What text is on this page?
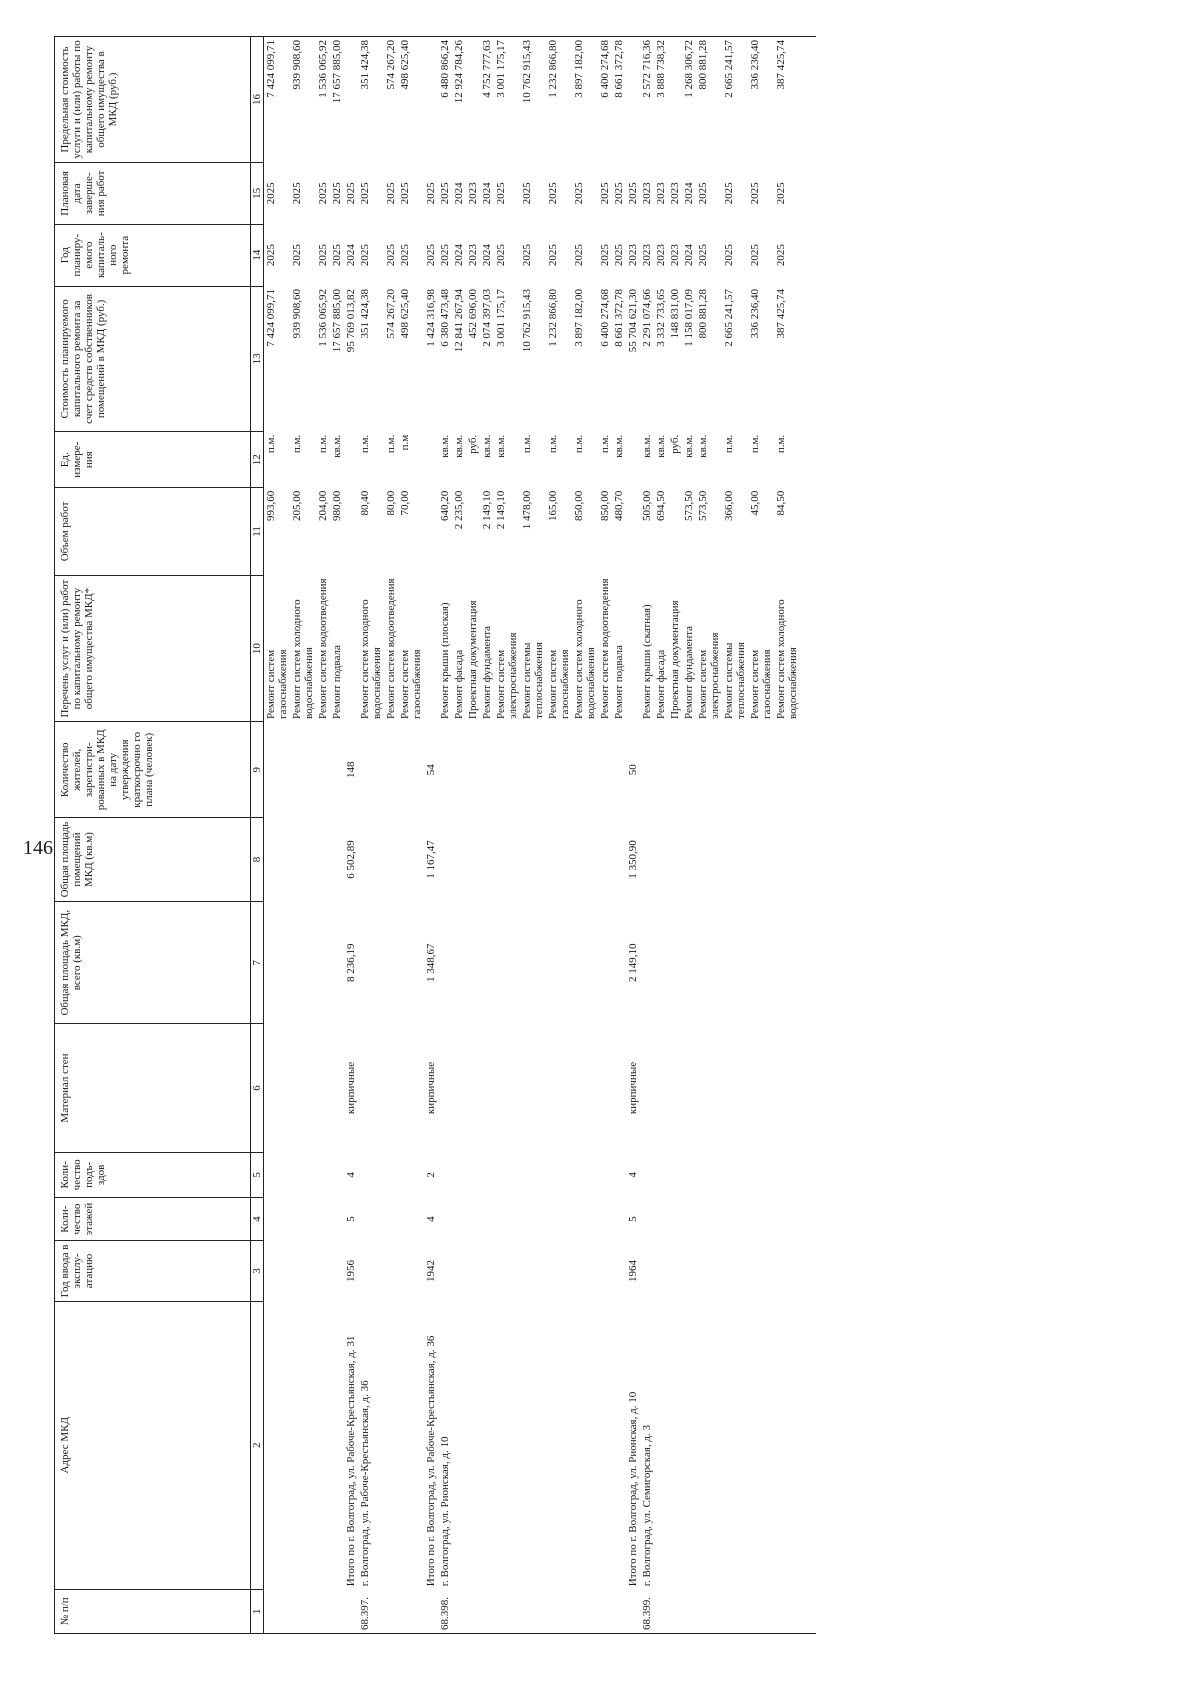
146
№ п/п	Адрес МКД	Год ввода в эксплу-атацию	Коли-чество этажей	Коли-чество подъ-здов	Материал стен	Общая площадь МКД, всего (кв.м)	Общая площадь помещений МКД (кв.м)	Количество жителей, зарегистри-рованных в МКД на дату утверждения краткосрочно го плана (человек)	Перечень услуг и (или) работ по капитальному ремонту общего имущества МКД*	Объем работ	Ед. измере-ния	Стоимость планируемого капитального ремонта за счет средств собственников помещений в МКД (руб.)	Год планиру-емого капиталь-ного ремонта	Плановая дата заверше-ния работ	Предельная стоимость услуги и (или) работы по капитальному ремонту общего имущества в МКД (руб.)
1	2	3	4	5	6	7	8	9	10	11	12	13	14	15	16
									Ремонт систем газоснабжения	993,60	п.м.	7 424 099,71	2025	2025	7 424 099,71
									Ремонт систем холодного водоснабжения	205,00	п.м.	939 908,60	2025	2025	939 908,60
									Ремонт систем водоотведения	204,00	п.м.	1 536 065,92	2025	2025	1 536 065,92
									Ремонт подвала	980,00	кв.м.	17 657 885,00	2025	2025	17 657 885,00
	Итого по г. Волгоград, ул. Рабоче-Крестьянская, д. 31	1956	5	4	кирпичные	8 236,19	6 502,89	148				95 769 013,82	2024	2025	
68.397.	г. Волгоград, ул. Рабоче-Крестьянская, д. 36								Ремонт систем холодного водоснабжения	80,40	п.м.	351 424,38	2025	2025	351 424,38
									Ремонт систем водоотведения	80,00	п.м.	574 267,20	2025	2025	574 267,20
									Ремонт систем газоснабжения	70,00	п.м	498 625,40	2025	2025	498 625,40
	Итого по г. Волгоград, ул. Рабоче-Крестьянская, д. 36	1942	4	2	кирпичные	1 348,67	1 167,47	54				1 424 316,98	2025	2025	
68.398.	г. Волгоград, ул. Рионская, д. 10								Ремонт крыши (плоская)	640,20	кв.м.	6 380 473,48	2025	2025	6 480 866,24
									Ремонт фасада	2 235,00	кв.м.	12 841 267,94	2024	2024	12 924 784,26
									Проектная документация		руб.	452 696,00	2023	2023	
									Ремонт фундамента	2 149,10	кв.м.	2 074 397,03	2024	2024	4 752 777,63
									Ремонт систем электроснабжения	2 149,10	кв.м.	3 001 175,17	2025	2025	3 001 175,17
									Ремонт системы теплоснабжения	1 478,00	п.м.	10 762 915,43	2025	2025	10 762 915,43
									Ремонт систем газоснабжения	165,00	п.м.	1 232 866,80	2025	2025	1 232 866,80
									Ремонт систем холодного водоснабжения	850,00	п.м.	3 897 182,00	2025	2025	3 897 182,00
									Ремонт систем водоотведения	850,00	п.м.	6 400 274,68	2025	2025	6 400 274,68
									Ремонт подвала	480,70	кв.м.	8 661 372,78	2025	2025	8 661 372,78
	Итого по г. Волгоград, ул. Рионская, д. 10	1964	5	4	кирпичные	2 149,10	1 350,90	50				55 704 621,30	2023	2025	
68.399.	г. Волгоград, ул. Семигорская, д. 3								Ремонт крыши (скатная)	505,00	кв.м.	2 291 074,66	2023	2023	2 572 716,36
									Ремонт фасада	694,50	кв.м.	3 332 733,65	2023	2023	3 888 738,32
									Проектная документация		руб.	148 831,00	2023	2023	
									Ремонт фундамента	573,50	кв.м.	1 158 017,09	2024	2024	1 268 306,72
									Ремонт систем электроснабжения	573,50	кв.м.	800 881,28	2025	2025	800 881,28
									Ремонт системы теплоснабжения	366,00	п.м.	2 665 241,57	2025	2025	2 665 241,57
									Ремонт систем газоснабжения	45,00	п.м.	336 236,40	2025	2025	336 236,40
									Ремонт систем холодного водоснабжения	84,50	п.м.	387 425,74	2025	2025	387 425,74
